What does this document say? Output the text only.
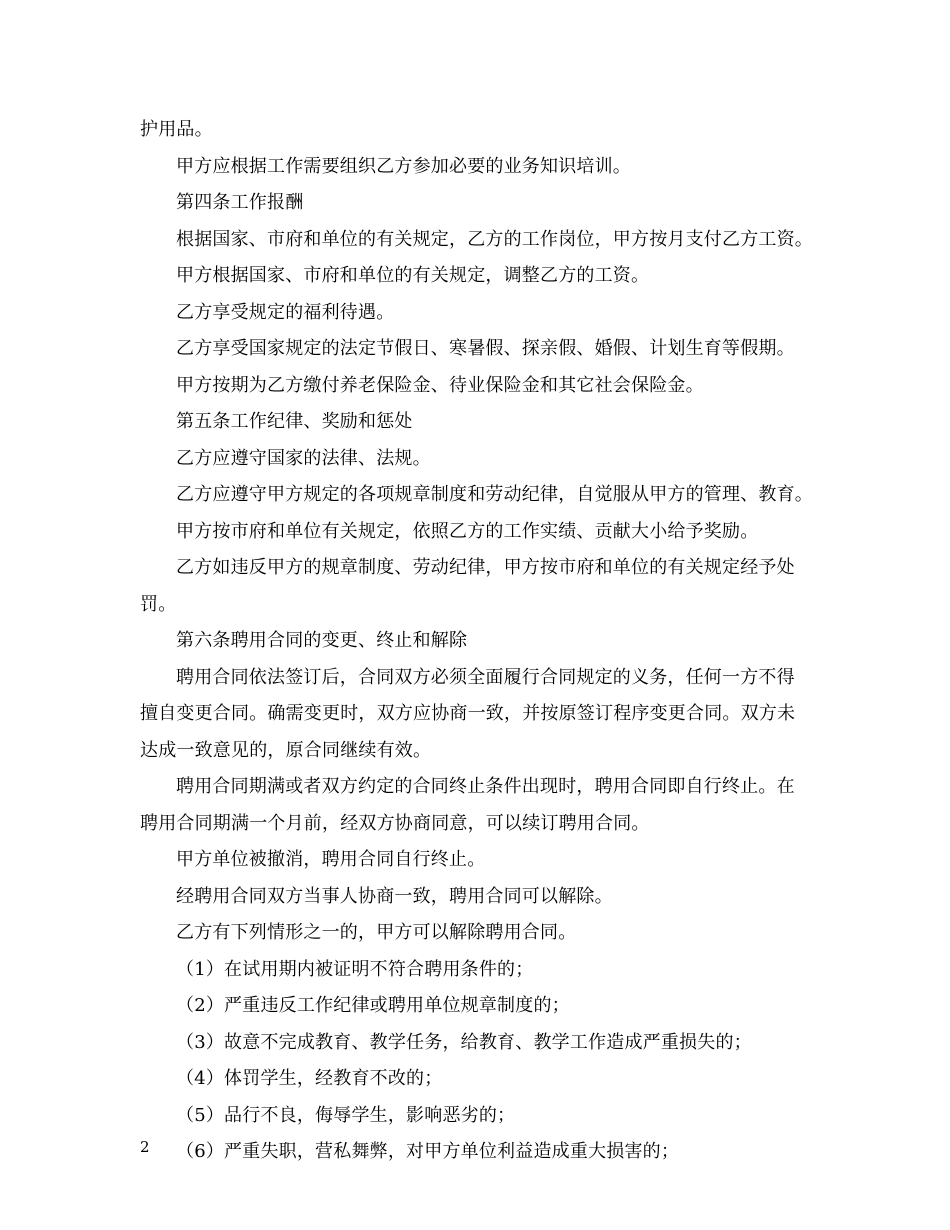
护用品。
甲方应根据工作需要组织乙方参加必要的业务知识培训。
第四条工作报酬
根据国家、市府和单位的有关规定，乙方的工作岗位，甲方按月支付乙方工资。
甲方根据国家、市府和单位的有关规定，调整乙方的工资。
乙方享受规定的福利待遇。
乙方享受国家规定的法定节假日、寒暑假、探亲假、婚假、计划生育等假期。
甲方按期为乙方缴付养老保险金、待业保险金和其它社会保险金。
第五条工作纪律、奖励和惩处
乙方应遵守国家的法律、法规。
乙方应遵守甲方规定的各项规章制度和劳动纪律，自觉服从甲方的管理、教育。
甲方按市府和单位有关规定，依照乙方的工作实绩、贡献大小给予奖励。
乙方如违反甲方的规章制度、劳动纪律，甲方按市府和单位的有关规定经予处
罚。
第六条聘用合同的变更、终止和解除
聘用合同依法签订后，合同双方必须全面履行合同规定的义务，任何一方不得
擅自变更合同。确需变更时，双方应协商一致，并按原签订程序变更合同。双方未
达成一致意见的，原合同继续有效。
聘用合同期满或者双方约定的合同终止条件出现时，聘用合同即自行终止。在
聘用合同期满一个月前，经双方协商同意，可以续订聘用合同。
甲方单位被撤消，聘用合同自行终止。
经聘用合同双方当事人协商一致，聘用合同可以解除。
乙方有下列情形之一的，甲方可以解除聘用合同。
（1）在试用期内被证明不符合聘用条件的；
（2）严重违反工作纪律或聘用单位规章制度的；
（3）故意不完成教育、教学任务，给教育、教学工作造成严重损失的；
（4）体罚学生，经教育不改的；
（5）品行不良，侮辱学生，影响恶劣的；
（6）严重失职，营私舞弊，对甲方单位利益造成重大损害的；
2
